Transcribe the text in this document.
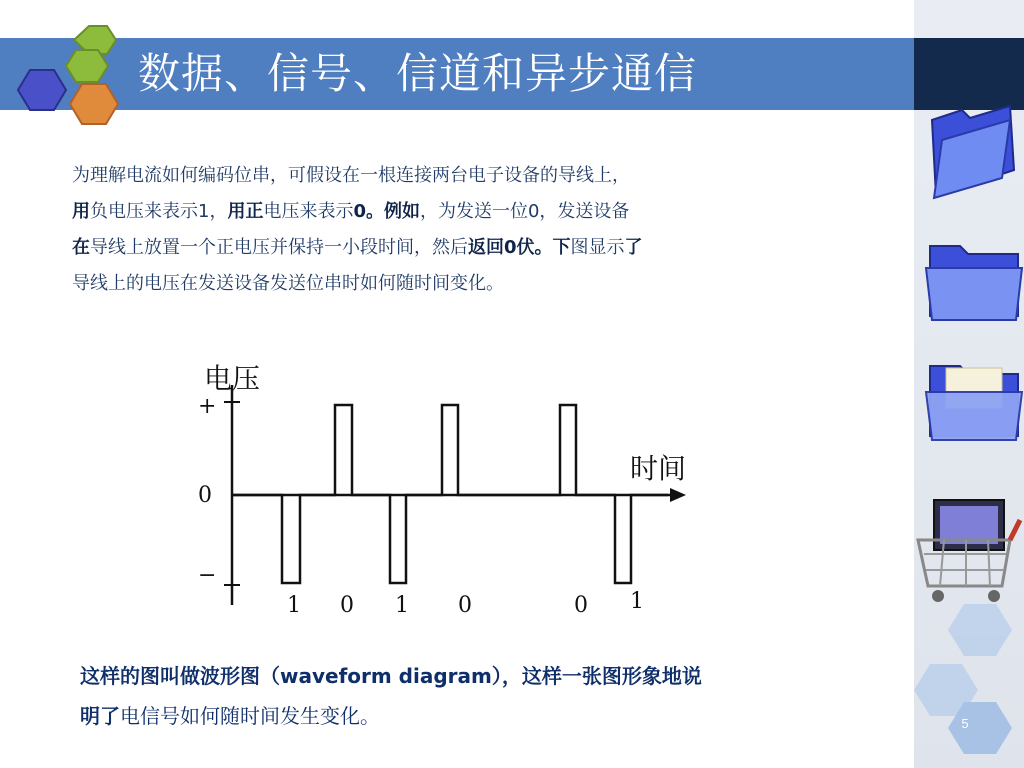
数据、信号、信道和异步通信
为理解电流如何编码位串，可假设在一根连接两台电子设备的导线上，
用负电压来表示1，用正电压来表示0。例如，为发送一位0，发送设备
在导线上放置一个正电压并保持一小段时间，然后返回0伏。下图显示了
导线上的电压在发送设备发送位串时如何随时间变化。
电压
时间
+
0
−
1 0 1 0	0 1
这样的图叫做波形图（waveform diagram），这样一张图形象地说
明了电信号如何随时间发生变化。	5
